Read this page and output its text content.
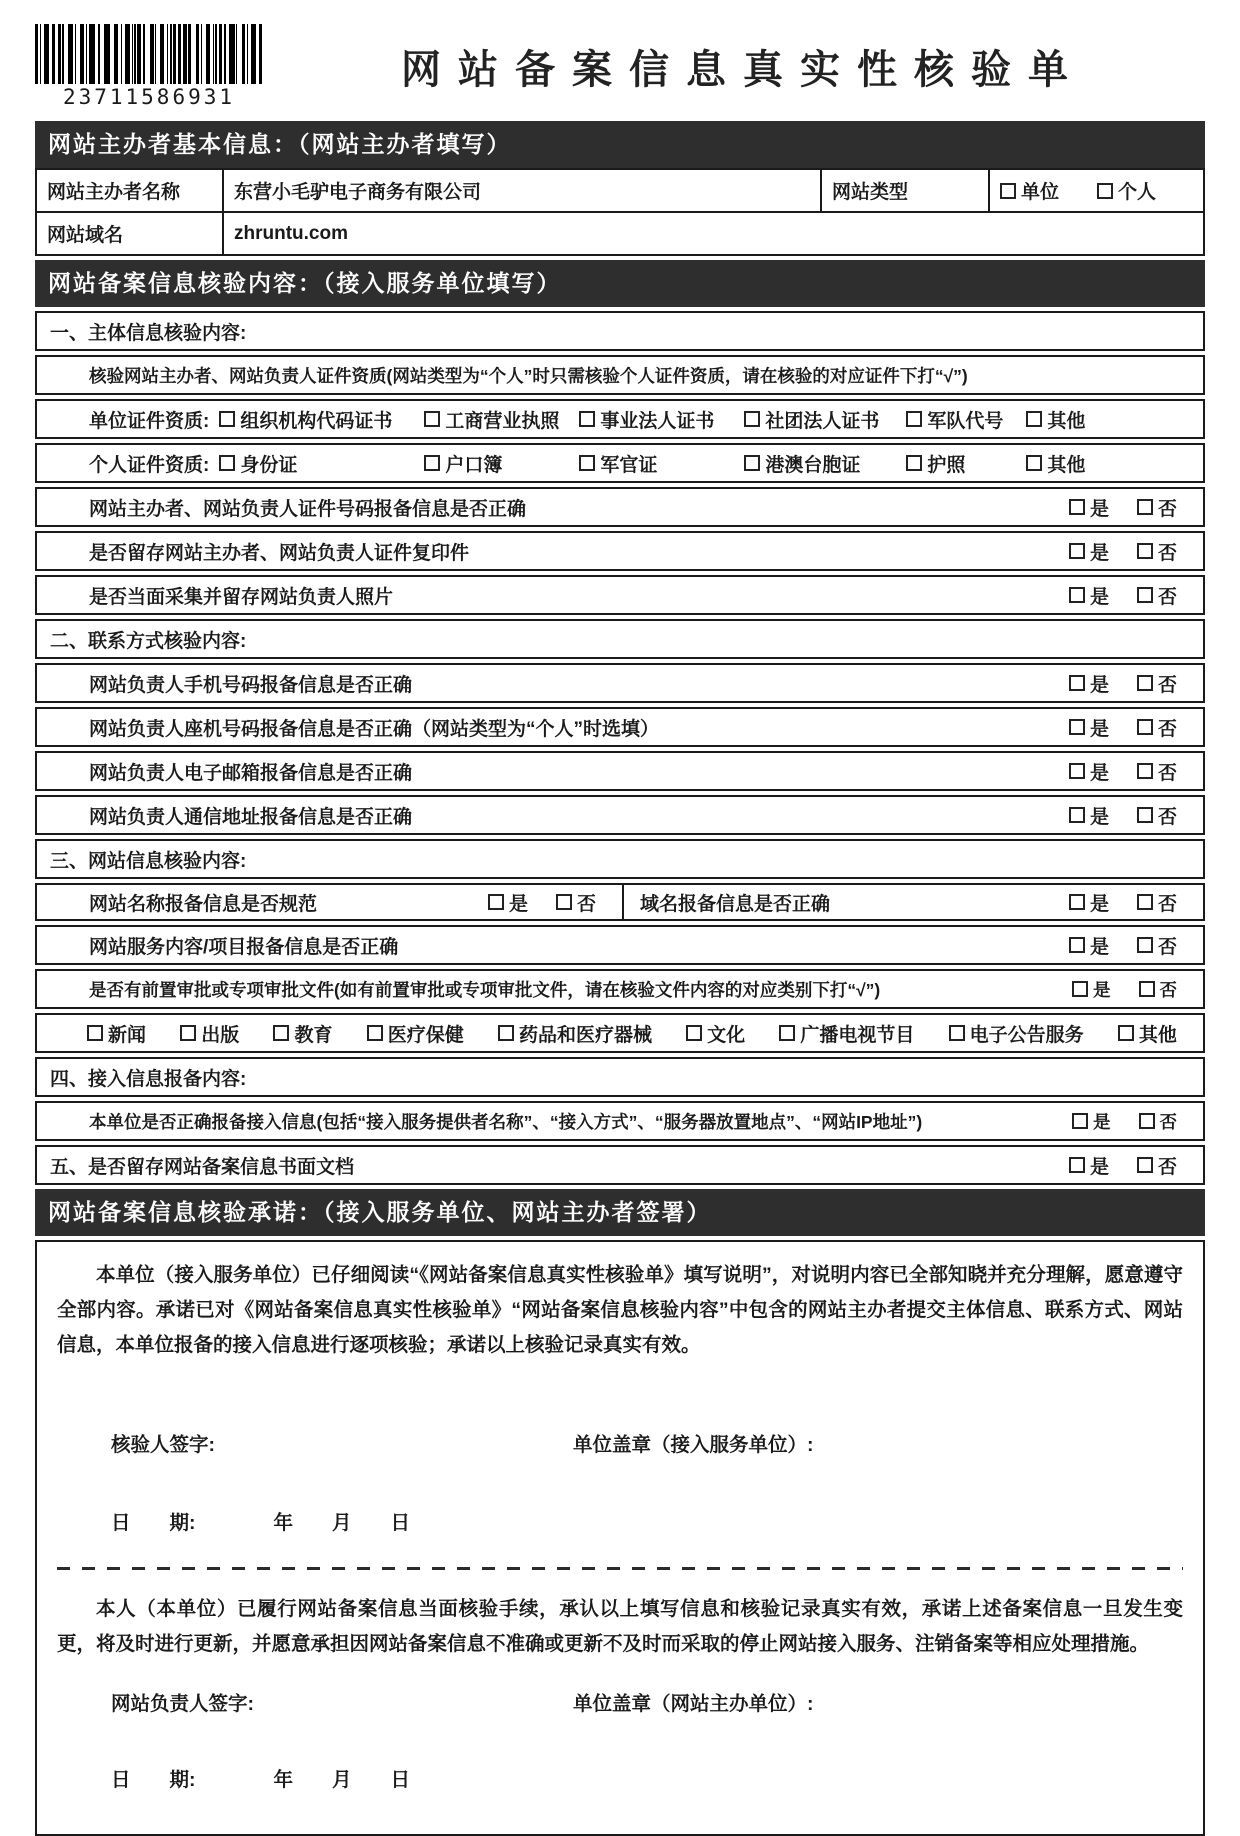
23711586931
网站备案信息真实性核验单
网站主办者基本信息：（网站主办者填写）
网站主办者名称	东营小毛驴电子商务有限公司	网站类型	单位	个人
网站域名	zhruntu.com
网站备案信息核验内容：（接入服务单位填写）
一、主体信息核验内容:
核验网站主办者、网站负责人证件资质(网站类型为“个人”时只需核验个人证件资质，请在核验的对应证件下打“√”)
单位证件资质: 组织机构代码证书	工商营业执照 事业法人证书	社团法人证书	军队代号 其他
个人证件资质: 身份证	户口簿	军官证	港澳台胞证	护照	其他
网站主办者、网站负责人证件号码报备信息是否正确	是	否
是否留存网站主办者、网站负责人证件复印件	是	否
是否当面采集并留存网站负责人照片	是	否
二、联系方式核验内容:
网站负责人手机号码报备信息是否正确	是	否
网站负责人座机号码报备信息是否正确（网站类型为“个人”时选填）	是	否
网站负责人电子邮箱报备信息是否正确	是	否
网站负责人通信地址报备信息是否正确	是	否
三、网站信息核验内容:
网站名称报备信息是否规范	是	否	域名报备信息是否正确	是	否
网站服务内容/项目报备信息是否正确	是	否
是否有前置审批或专项审批文件(如有前置审批或专项审批文件，请在核验文件内容的对应类别下打“√”)	是	否
新闻	出版	教育	医疗保健	药品和医疗器械	文化	广播电视节目	电子公告服务	其他
四、接入信息报备内容:
本单位是否正确报备接入信息(包括“接入服务提供者名称”、“接入方式”、“服务器放置地点”、“网站IP地址”)	是	否
五、是否留存网站备案信息书面文档	是	否
网站备案信息核验承诺：（接入服务单位、网站主办者签署）

本单位（接入服务单位）已仔细阅读“《网站备案信息真实性核验单》填写说明”，对说明内容已全部知晓并充分理解，愿意遵守全部内容。承诺已对《网站备案信息真实性核验单》“网站备案信息核验内容”中包含的网站主办者提交主体信息、联系方式、网站信息，本单位报备的接入信息进行逐项核验；承诺以上核验记录真实有效。

核验人签字:	单位盖章（接入服务单位）:
日　　期:　　　　年　　月　　日

本人（本单位）已履行网站备案信息当面核验手续，承认以上填写信息和核验记录真实有效，承诺上述备案信息一旦发生变更，将及时进行更新，并愿意承担因网站备案信息不准确或更新不及时而采取的停止网站接入服务、注销备案等相应处理措施。

网站负责人签字:	单位盖章（网站主办单位）:
日　　期:　　　　年　　月　　日
